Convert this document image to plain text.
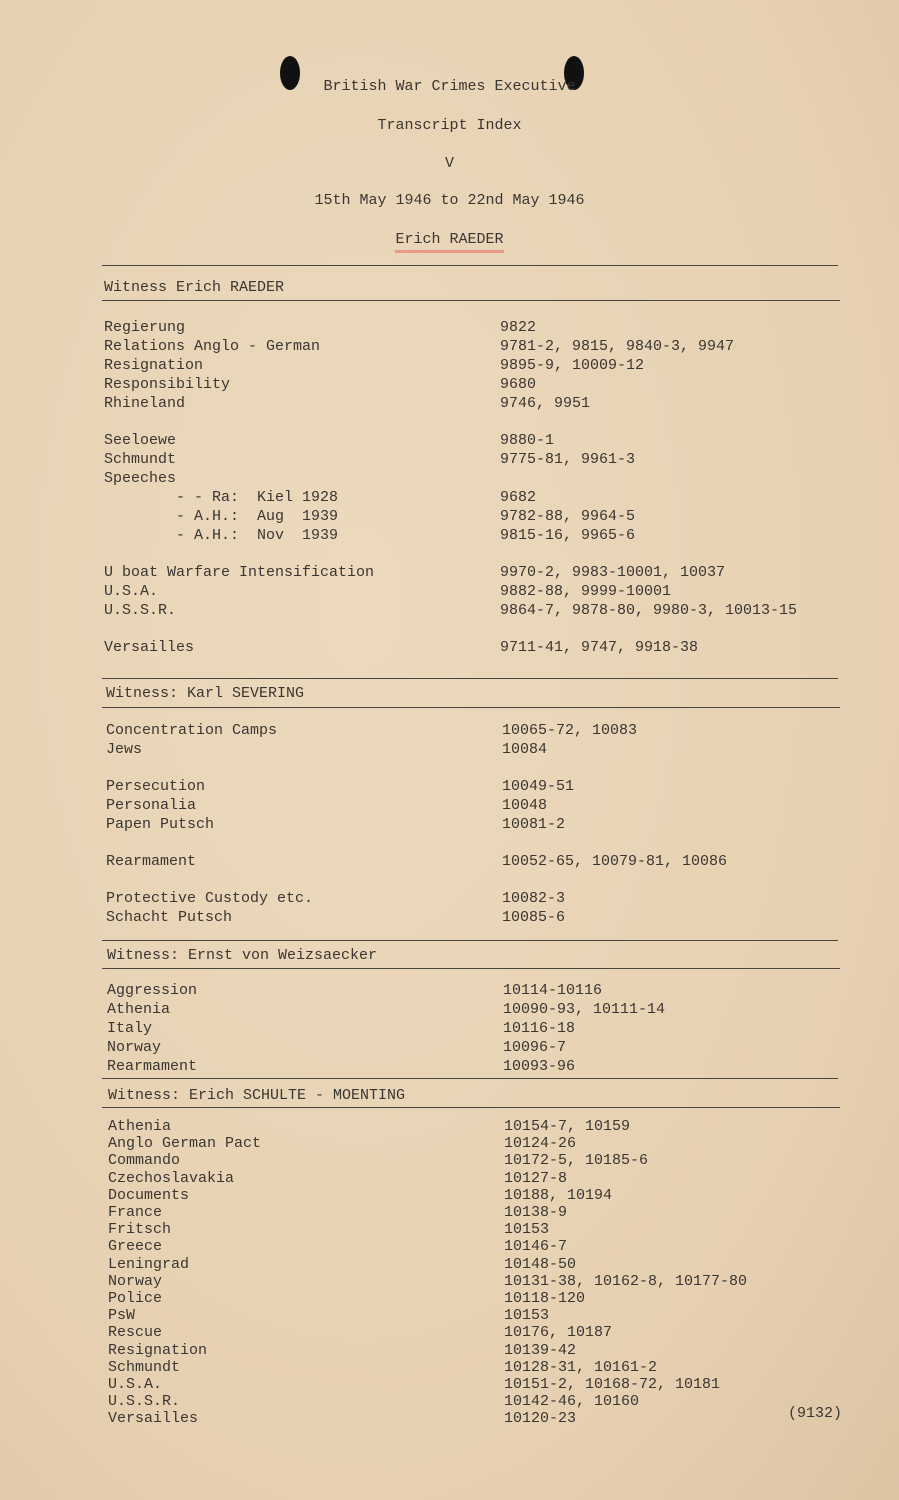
British War Crimes Executive
Transcript Index
V
15th May 1946 to 22nd May 1946
Erich RAEDER
Witness Erich RAEDER
Regierung	9822
Relations Anglo - German	9781-2, 9815, 9840-3, 9947
Resignation	9895-9, 10009-12
Responsibility	9680
Rhineland	9746, 9951
Seeloewe	9880-1
Schmundt	9775-81, 9961-3
Speeches
- - Ra:  Kiel 1928	9682
- A.H.:  Aug  1939	9782-88, 9964-5
- A.H.:  Nov  1939	9815-16, 9965-6
U boat Warfare Intensification	9970-2, 9983-10001, 10037
U.S.A.	9882-88, 9999-10001
U.S.S.R.	9864-7, 9878-80, 9980-3, 10013-15
Versailles	9711-41, 9747, 9918-38
Witness: Karl SEVERING
Concentration Camps	10065-72, 10083
Jews	10084
Persecution	10049-51
Personalia	10048
Papen Putsch	10081-2
Rearmament	10052-65, 10079-81, 10086
Protective Custody etc.	10082-3
Schacht Putsch	10085-6
Witness: Ernst von Weizsaecker
Aggression	10114-10116
Athenia	10090-93, 10111-14
Italy	10116-18
Norway	10096-7
Rearmament	10093-96
Witness: Erich SCHULTE - MOENTING
Athenia	10154-7, 10159
Anglo German Pact	10124-26
Commando	10172-5, 10185-6
Czechoslavakia	10127-8
Documents	10188, 10194
France	10138-9
Fritsch	10153
Greece	10146-7
Leningrad	10148-50
Norway	10131-38, 10162-8, 10177-80
Police	10118-120
PsW	10153
Rescue	10176, 10187
Resignation	10139-42
Schmundt	10128-31, 10161-2
U.S.A.	10151-2, 10168-72, 10181
U.S.S.R.	10142-46, 10160
Versailles	10120-23	(9132)
